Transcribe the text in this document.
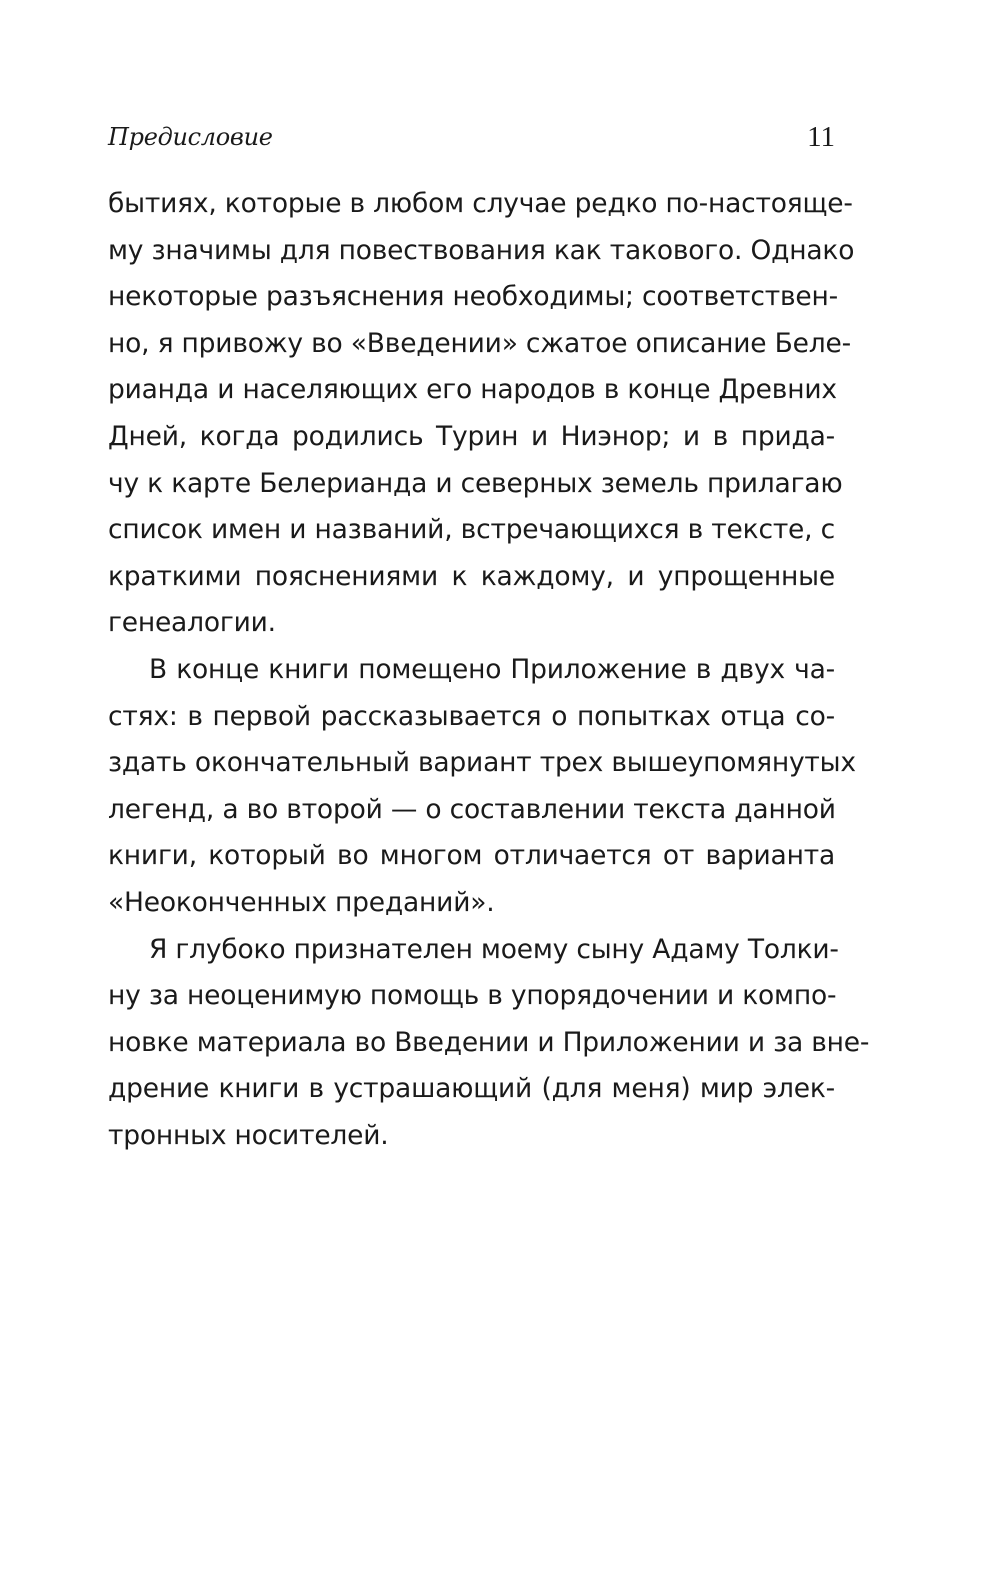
Предисловие	11
бытиях, которые в любом случае редко по-настояще-
му значимы для повествования как такового. Однако
некоторые разъяснения необходимы; соответствен-
но, я привожу во «Введении» сжатое описание Беле-
рианда и населяющих его народов в конце Древних
Дней, когда родились Турин и Ниэнор; и в прида-
чу к карте Белерианда и северных земель прилагаю
список имен и названий, встречающихся в тексте, с
краткими пояснениями к каждому, и упрощенные
генеалогии.
В конце книги помещено Приложение в двух ча-
стях: в первой рассказывается о попытках отца со-
здать окончательный вариант трех вышеупомянутых
легенд, а во второй — о составлении текста данной
книги, который во многом отличается от варианта
«Неоконченных преданий».
Я глубоко признателен моему сыну Адаму Толки-
ну за неоценимую помощь в упорядочении и компо-
новке материала во Введении и Приложении и за вне-
дрение книги в устрашающий (для меня) мир элек-
тронных носителей.
